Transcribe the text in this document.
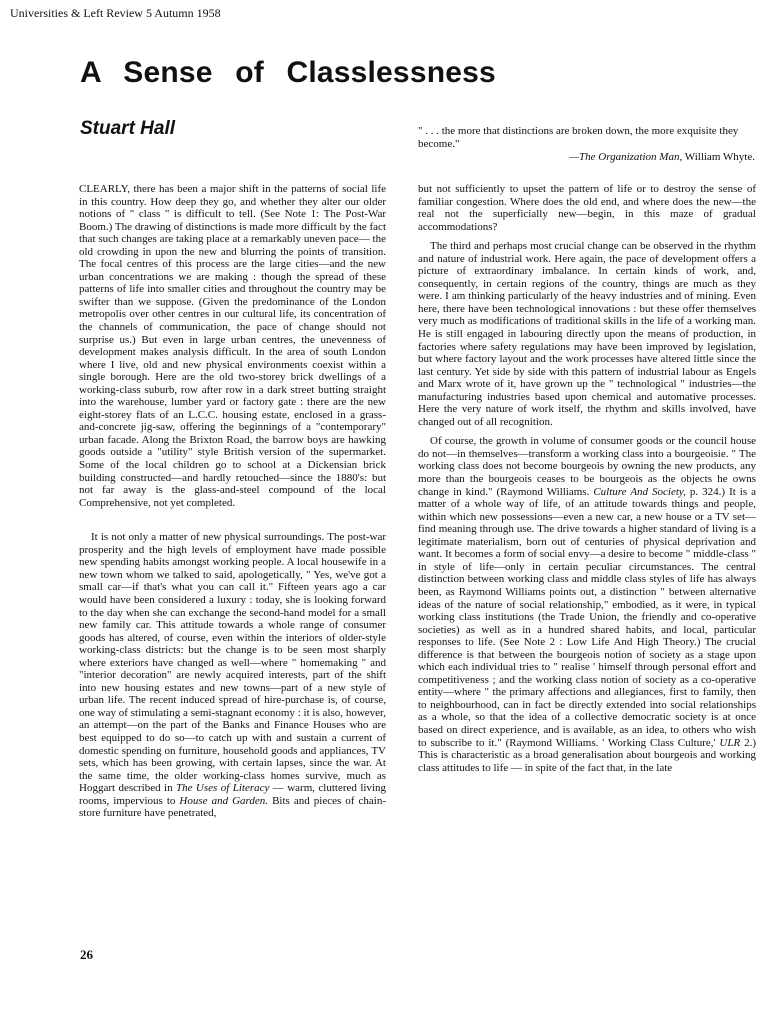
Universities & Left Review 5 Autumn 1958
A Sense of Classlessness
Stuart Hall	" . . . the more that distinctions are broken down, the more exquisite they become."
—The Organization Man, William Whyte.

CLEARLY, there has been a major shift in the patterns of social life in this country. How deep they go, and whether they alter our older notions of " class " is difficult to tell. (See Note 1: The Post-War Boom.) The drawing of distinctions is made more difficult by the fact that such changes are taking place at a remarkably uneven pace— the old crowding in upon the new and blurring the points of transition. The focal centres of this process are the large cities—and the new urban concentrations we are making : though the spread of these patterns of life into smaller cities and throughout the country may be swifter than we suppose. (Given the predominance of the London metropolis over other centres in our cultural life, its concentration of the channels of communication, the pace of change should not surprise us.) But even in large urban centres, the unevenness of development makes analysis difficult. In the area of south London where I live, old and new physical environments coexist within a single borough. Here are the old two-storey brick dwellings of a working-class suburb, row after row in a dark street butting straight into the warehouse, lumber yard or factory gate : there are the new eight-storey flats of an L.C.C. housing estate, enclosed in a grass-and-concrete jig-saw, offering the beginnings of a "contemporary" urban facade. Along the Brixton Road, the barrow boys are hawking goods outside a "utility" style British version of the supermarket. Some of the local children go to school at a Dickensian brick building constructed—and hardly retouched—since the 1880's: but not far away is the glass-and-steel compound of the local Comprehensive, not yet completed.

It is not only a matter of new physical surroundings. The post-war prosperity and the high levels of employment have made possible new spending habits amongst working people. A local housewife in a new town whom we talked to said, apologetically, " Yes, we've got a small car—if that's what you can call it." Fifteen years ago a car would have been considered a luxury : today, she is looking forward to the day when she can exchange the second-hand model for a small new family car. This attitude towards a whole range of consumer goods has altered, of course, even within the interiors of older-style working-class districts: but the change is to be seen most sharply where exteriors have changed as well—where " homemaking " and "interior decoration" are newly acquired interests, part of the shift into new housing estates and new towns—part of a new style of urban life. The recent induced spread of hire-purchase is, of course, one way of stimulating a semi-stagnant economy : it is also, however, an attempt—on the part of the Banks and Finance Houses who are best equipped to do so—to catch up with and sustain a current of domestic spending on furniture, household goods and appliances, TV sets, which has been growing, with certain lapses, since the war. At the same time, the older working-class homes survive, much as Hoggart described in The Uses of Literacy — warm, cluttered living rooms, impervious to House and Garden. Bits and pieces of chain-store furniture have penetrated,

but not sufficiently to upset the pattern of life or to destroy the sense of familiar congestion. Where does the old end, and where does the new—the real not the superficially new—begin, in this maze of gradual accommodations?

The third and perhaps most crucial change can be observed in the rhythm and nature of industrial work. Here again, the pace of development offers a picture of extraordinary imbalance. In certain kinds of work, and, consequently, in certain regions of the country, things are much as they were. I am thinking particularly of the heavy industries and of mining. Even here, there have been technological innovations : but these offer themselves very much as modifications of traditional skills in the life of a working man. He is still engaged in labouring directly upon the means of production, in factories where safety regulations may have been improved by legislation, but where factory layout and the work processes have altered little since the last century. Yet side by side with this pattern of industrial labour as Engels and Marx wrote of it, have grown up the " technological " industries—the manufacturing industries based upon chemical and automative processes. Here the very nature of work itself, the rhythm and skills involved, have changed out of all recognition.

Of course, the growth in volume of consumer goods or the council house do not—in themselves—transform a working class into a bourgeoisie. " The working class does not become bourgeois by owning the new products, any more than the bourgeois ceases to be bourgeois as the objects he owns change in kind." (Raymond Williams. Culture And Society, p. 324.) It is a matter of a whole way of life, of an attitude towards things and people, within which new possessions—even a new car, a new house or a TV set—find meaning through use. The drive towards a higher standard of living is a legitimate materialism, born out of centuries of physical deprivation and want. It becomes a form of social envy—a desire to become " middle-class " in style of life—only in certain peculiar circumstances. The central distinction between working class and middle class styles of life has always been, as Raymond Williams points out, a distinction " between alternative ideas of the nature of social relationship," embodied, as it were, in typical working class institutions (the Trade Union, the friendly and co-operative societies) as well as in a hundred shared habits, and local, particular responses to life. (See Note 2 : Low Life And High Theory.) The crucial difference is that between the bourgeois notion of society as a stage upon which each individual tries to " realise ' himself through personal effort and competitiveness ; and the working class notion of society as a co-operative entity—where " the primary affections and allegiances, first to family, then to neighbourhood, can in fact be directly extended into social relationships as a whole, so that the idea of a collective democratic society is at once based on direct experience, and is available, as an idea, to others who wish to subscribe to it." (Raymond Williams. ' Working Class Culture,' ULR 2.) This is characteristic as a broad generalisation about bourgeois and working class attitudes to life — in spite of the fact that, in the late

26
